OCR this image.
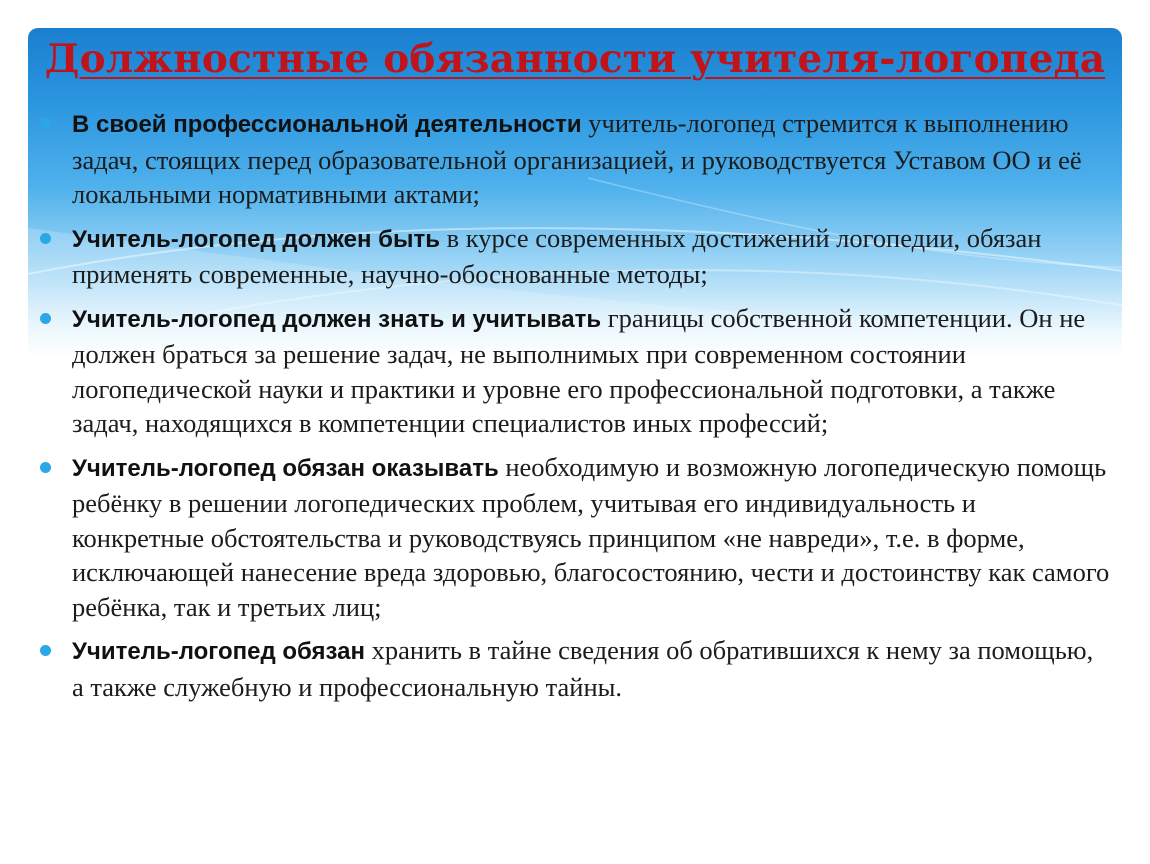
Должностные обязанности учителя-логопеда
В своей профессиональной деятельности учитель-логопед стремится к выполнению задач, стоящих перед образовательной организацией, и руководствуется Уставом ОО и её локальными нормативными актами;
Учитель-логопед должен быть в курсе современных достижений логопедии, обязан применять современные, научно-обоснованные методы;
Учитель-логопед должен знать и учитывать границы собственной компетенции. Он не должен браться за решение задач, не выполнимых при современном состоянии логопедической науки и практики и уровне его профессиональной подготовки, а также задач, находящихся в компетенции специалистов иных профессий;
Учитель-логопед обязан оказывать необходимую и возможную логопедическую помощь ребёнку в решении логопедических проблем, учитывая его индивидуальность и конкретные обстоятельства и руководствуясь принципом «не навреди», т.е. в форме, исключающей нанесение вреда здоровью, благосостоянию, чести и достоинству как самого ребёнка, так и третьих лиц;
Учитель-логопед обязан хранить в тайне сведения об обратившихся к нему за помощью, а также служебную и профессиональную тайны.
